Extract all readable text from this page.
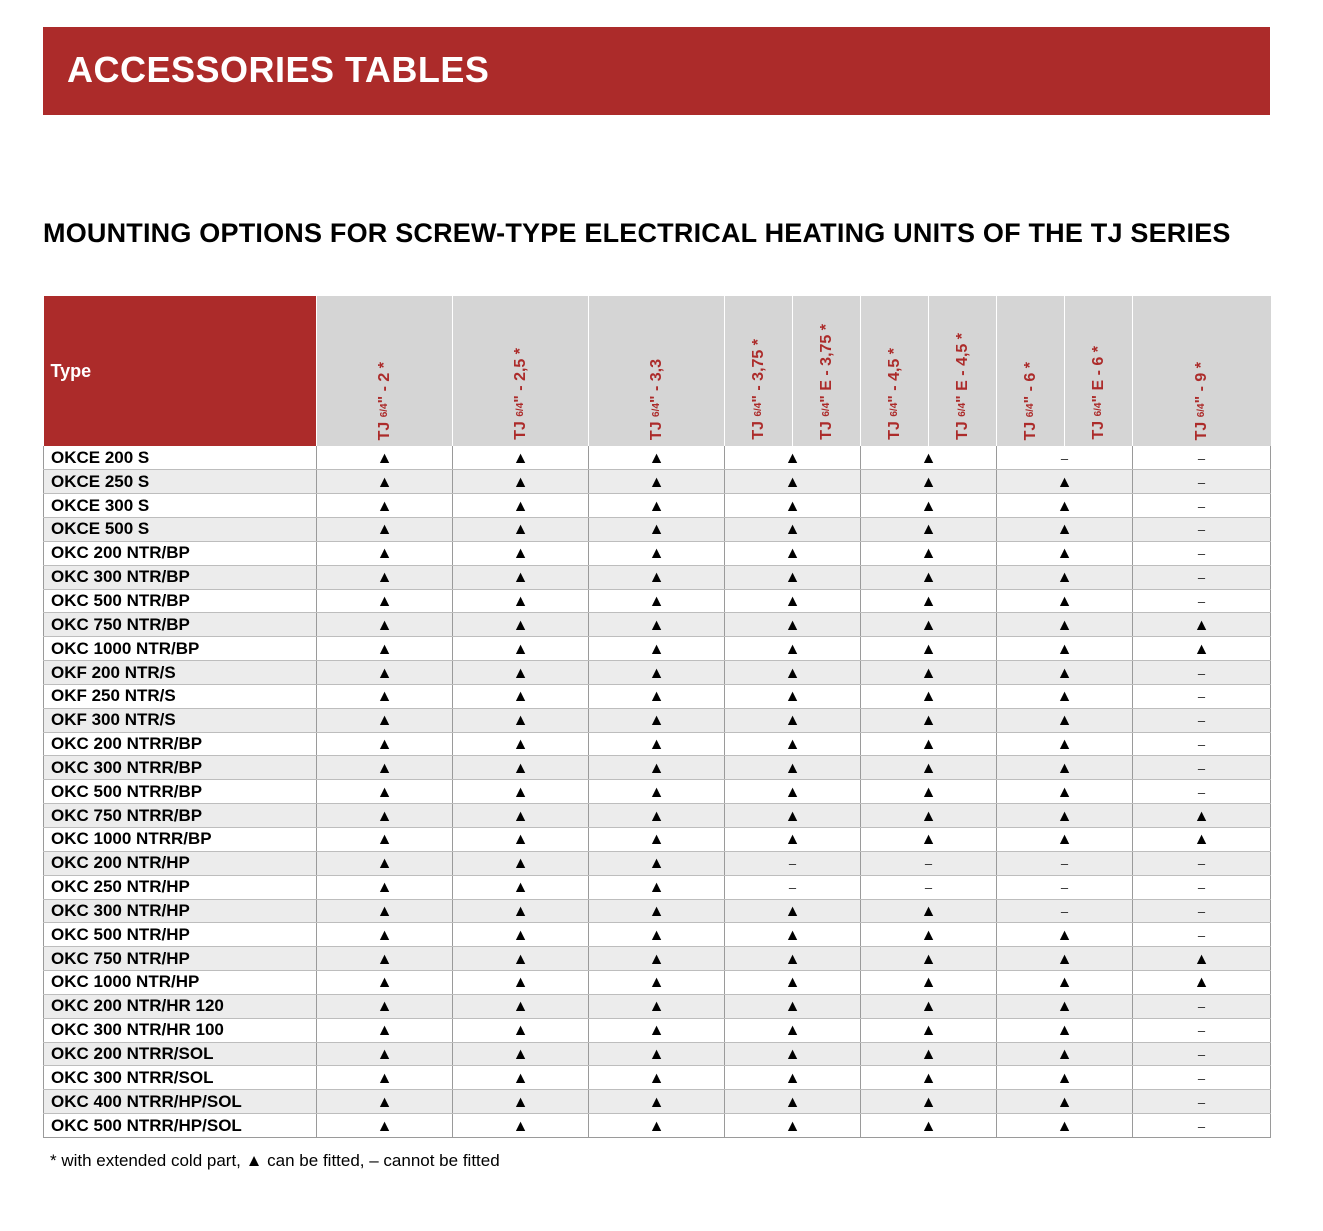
ACCESSORIES TABLES
MOUNTING OPTIONS FOR SCREW-TYPE ELECTRICAL HEATING UNITS OF THE TJ SERIES
Type	TJ 6/4" - 2 *	TJ 6/4" - 2,5 *	TJ 6/4" - 3,3	TJ 6/4" - 3,75 *	TJ 6/4" E - 3,75 *	TJ 6/4" - 4,5 *	TJ 6/4" E - 4,5 *	TJ 6/4" - 6 *	TJ 6/4" E - 6 *	TJ 6/4" - 9 *

OKCE 200 S	▲	▲	▲	▲		▲		–		–
OKCE 250 S	▲	▲	▲	▲		▲		▲		–
OKCE 300 S	▲	▲	▲	▲		▲		▲		–
OKCE 500 S	▲	▲	▲	▲		▲		▲		–
OKC 200 NTR/BP	▲	▲	▲	▲		▲		▲		–
OKC 300 NTR/BP	▲	▲	▲	▲		▲		▲		–
OKC 500 NTR/BP	▲	▲	▲	▲		▲		▲		–
OKC 750 NTR/BP	▲	▲	▲	▲		▲		▲		▲
OKC 1000 NTR/BP	▲	▲	▲	▲		▲		▲		▲
OKF 200 NTR/S	▲	▲	▲	▲		▲		▲		–
OKF 250 NTR/S	▲	▲	▲	▲		▲		▲		–
OKF 300 NTR/S	▲	▲	▲	▲		▲		▲		–
OKC 200 NTRR/BP	▲	▲	▲	▲		▲		▲		–
OKC 300 NTRR/BP	▲	▲	▲	▲		▲		▲		–
OKC 500 NTRR/BP	▲	▲	▲	▲		▲		▲		–
OKC 750 NTRR/BP	▲	▲	▲	▲		▲		▲		▲
OKC 1000 NTRR/BP	▲	▲	▲	▲		▲		▲		▲
OKC 200 NTR/HP	▲	▲	▲	–		–		–		–
OKC 250 NTR/HP	▲	▲	▲	–		–		–		–
OKC 300 NTR/HP	▲	▲	▲	▲		▲		–		–
OKC 500 NTR/HP	▲	▲	▲	▲		▲		▲		–
OKC 750 NTR/HP	▲	▲	▲	▲		▲		▲		▲
OKC 1000 NTR/HP	▲	▲	▲	▲		▲		▲		▲
OKC 200 NTR/HR 120	▲	▲	▲	▲		▲		▲		–
OKC 300 NTR/HR 100	▲	▲	▲	▲		▲		▲		–
OKC 200 NTRR/SOL	▲	▲	▲	▲		▲		▲		–
OKC 300 NTRR/SOL	▲	▲	▲	▲		▲		▲		–
OKC 400 NTRR/HP/SOL	▲	▲	▲	▲		▲		▲		–
OKC 500 NTRR/HP/SOL	▲	▲	▲	▲		▲		▲		–
* with extended cold part, ▲ can be fitted, – cannot be fitted
